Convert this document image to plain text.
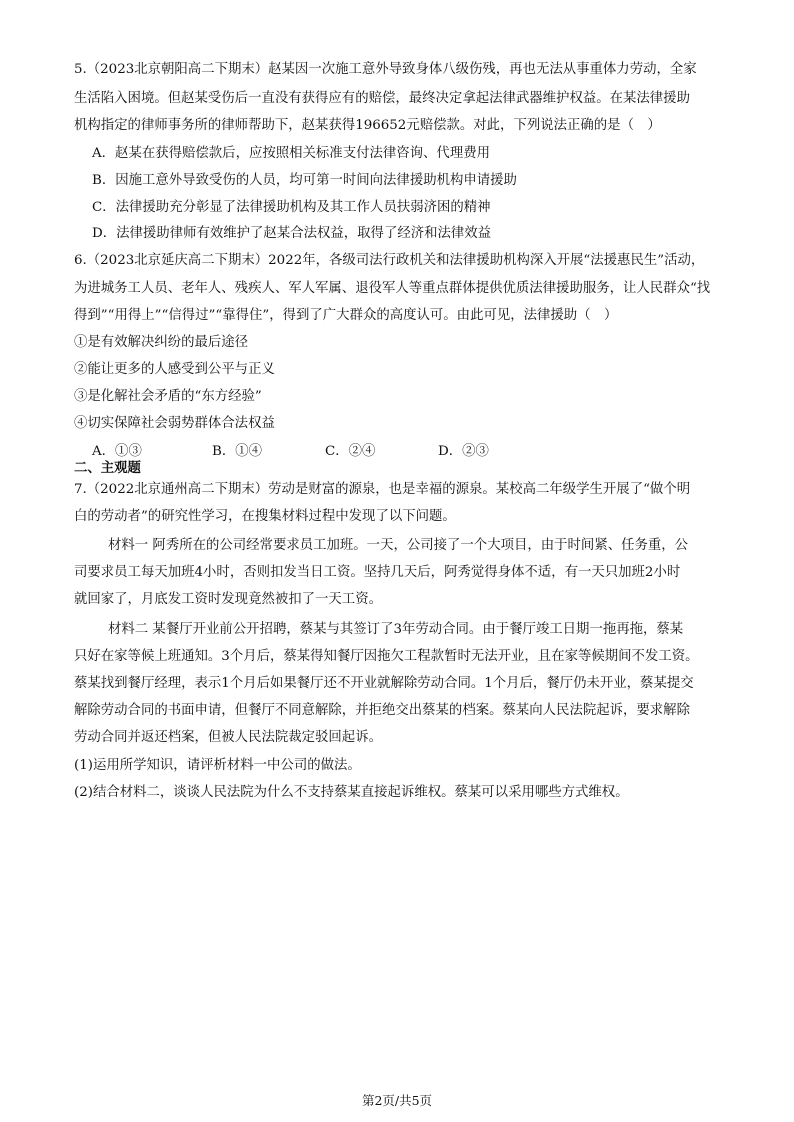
5.（2023北京朝阳高二下期末）赵某因一次施工意外导致身体八级伤残，再也无法从事重体力劳动，全家
生活陷入困境。但赵某受伤后一直没有获得应有的赔偿，最终决定拿起法律武器维护权益。在某法律援助
机构指定的律师事务所的律师帮助下，赵某获得196652元赔偿款。对此，下列说法正确的是（　）
A．赵某在获得赔偿款后，应按照相关标准支付法律咨询、代理费用
B．因施工意外导致受伤的人员，均可第一时间向法律援助机构申请援助
C．法律援助充分彰显了法律援助机构及其工作人员扶弱济困的精神
D．法律援助律师有效维护了赵某合法权益，取得了经济和法律效益
6.（2023北京延庆高二下期末）2022年，各级司法行政机关和法律援助机构深入开展“法援惠民生”活动，
为进城务工人员、老年人、残疾人、军人军属、退役军人等重点群体提供优质法律援助服务，让人民群众“找
得到”“用得上”“信得过”“靠得住”，得到了广大群众的高度认可。由此可见，法律援助（　）
①是有效解决纠纷的最后途径
②能让更多的人感受到公平与正义
③是化解社会矛盾的“东方经验”
④切实保障社会弱势群体合法权益
A．①③	B．①④	C．②④	D．②③
二、主观题
7.（2022北京通州高二下期末）劳动是财富的源泉，也是幸福的源泉。某校高二年级学生开展了“做个明
白的劳动者”的研究性学习，在搜集材料过程中发现了以下问题。
材料一 阿秀所在的公司经常要求员工加班。一天，公司接了一个大项目，由于时间紧、任务重，公
司要求员工每天加班4小时，否则扣发当日工资。坚持几天后，阿秀觉得身体不适，有一天只加班2小时
就回家了，月底发工资时发现竟然被扣了一天工资。
材料二 某餐厅开业前公开招聘，蔡某与其签订了3年劳动合同。由于餐厅竣工日期一拖再拖，蔡某
只好在家等候上班通知。3个月后，蔡某得知餐厅因拖欠工程款暂时无法开业，且在家等候期间不发工资。
蔡某找到餐厅经理，表示1个月后如果餐厅还不开业就解除劳动合同。1个月后，餐厅仍未开业，蔡某提交
解除劳动合同的书面申请，但餐厅不同意解除，并拒绝交出蔡某的档案。蔡某向人民法院起诉，要求解除
劳动合同并返还档案，但被人民法院裁定驳回起诉。
(1)运用所学知识，请评析材料一中公司的做法。
(2)结合材料二，谈谈人民法院为什么不支持蔡某直接起诉维权。蔡某可以采用哪些方式维权。
第2页/共5页
